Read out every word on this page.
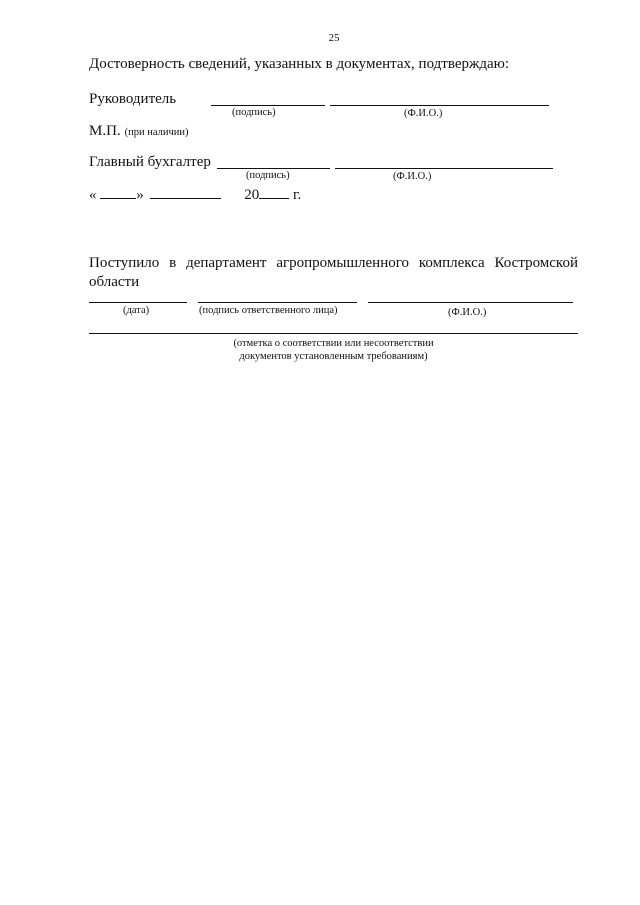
25
Достоверность сведений, указанных в документах, подтверждаю:
Руководитель
(подпись)	(Ф.И.О.)
М.П. (при наличии)
Главный бухгалтер
(подпись)	(Ф.И.О.)
«	»	20 г.
Поступило в департамент агропромышленного комплекса Костромской
области
(дата)	(подпись ответственного лица)	(Ф.И.О.)
(отметка о соответствии или несоответствии
документов установленным требованиям)
